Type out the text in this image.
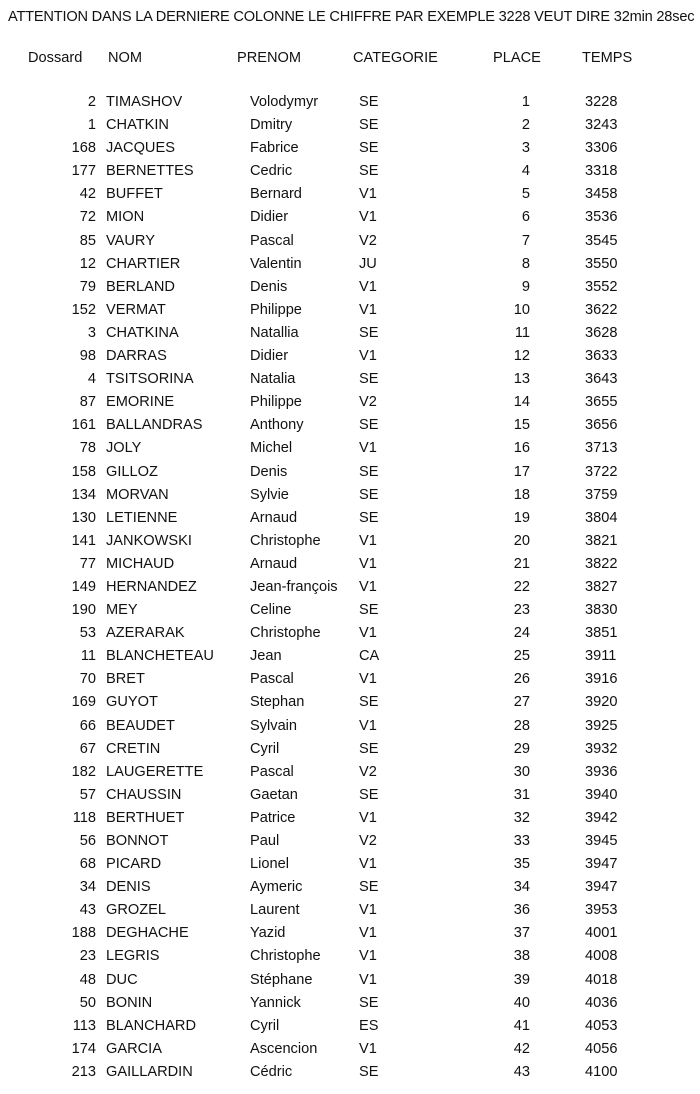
ATTENTION DANS LA DERNIERE COLONNE LE CHIFFRE PAR EXEMPLE 3228 VEUT DIRE 32min 28sec
Dossard NOM	PRENOM	CATEGORIE	PLACE	TEMPS
2 TIMASHOV	Volodymyr	SE	1	3228
1 CHATKIN	Dmitry	SE	2	3243
168 JACQUES	Fabrice	SE	3	3306
177 BERNETTES	Cedric	SE	4	3318
42 BUFFET	Bernard	V1	5	3458
72 MION	Didier	V1	6	3536
85 VAURY	Pascal	V2	7	3545
12 CHARTIER	Valentin	JU	8	3550
79 BERLAND	Denis	V1	9	3552
152 VERMAT	Philippe	V1	10	3622
3 CHATKINA	Natallia	SE	11	3628
98 DARRAS	Didier	V1	12	3633
4 TSITSORINA	Natalia	SE	13	3643
87 EMORINE	Philippe	V2	14	3655
161 BALLANDRAS	Anthony	SE	15	3656
78 JOLY	Michel	V1	16	3713
158 GILLOZ	Denis	SE	17	3722
134 MORVAN	Sylvie	SE	18	3759
130 LETIENNE	Arnaud	SE	19	3804
141 JANKOWSKI	Christophe	V1	20	3821
77 MICHAUD	Arnaud	V1	21	3822
149 HERNANDEZ	Jean-françois V1	22	3827
190 MEY	Celine	SE	23	3830
53 AZERARAK	Christophe	V1	24	3851
11 BLANCHETEAU Jean	CA	25	3911
70 BRET	Pascal	V1	26	3916
169 GUYOT	Stephan	SE	27	3920
66 BEAUDET	Sylvain	V1	28	3925
67 CRETIN	Cyril	SE	29	3932
182 LAUGERETTE	Pascal	V2	30	3936
57 CHAUSSIN	Gaetan	SE	31	3940
118 BERTHUET	Patrice	V1	32	3942
56 BONNOT	Paul	V2	33	3945
68 PICARD	Lionel	V1	35	3947
34 DENIS	Aymeric	SE	34	3947
43 GROZEL	Laurent	V1	36	3953
188 DEGHACHE	Yazid	V1	37	4001
23 LEGRIS	Christophe	V1	38	4008
48 DUC	Stéphane	V1	39	4018
50 BONIN	Yannick	SE	40	4036
113 BLANCHARD	Cyril	ES	41	4053
174 GARCIA	Ascencion	V1	42	4056
213 GAILLARDIN	Cédric	SE	43	4100
